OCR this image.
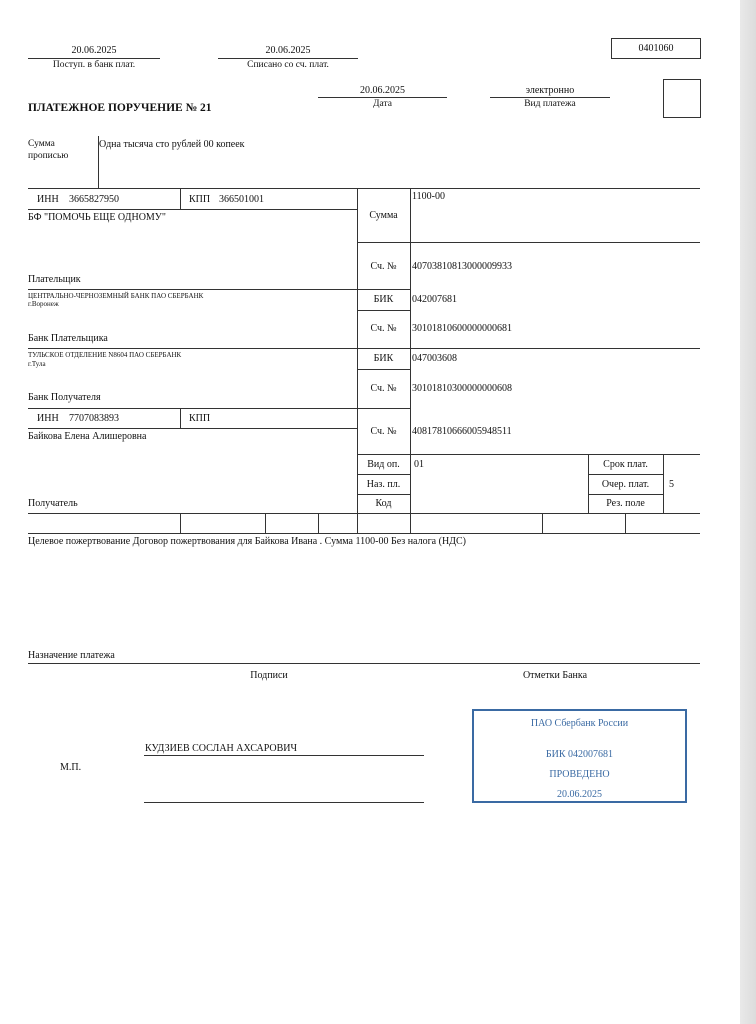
20.06.2025
Поступ. в банк плат.
20.06.2025
Списано со сч. плат.
0401060
20.06.2025
Дата
электронно
Вид платежа
ПЛАТЕЖНОЕ ПОРУЧЕНИЕ № 21
Сумма
прописью
Одна тысяча сто рублей 00 копеек
ИНН 3665827950	КПП 366501001
БФ "ПОМОЧЬ ЕЩЕ ОДНОМУ"
Плательщик
Сумма
1100-00
Сч. №	40703810813000009933
ЦЕНТРАЛЬНО-ЧЕРНОЗЕМНЫЙ БАНК ПАО СБЕРБАНК
г.Воронеж
Банк Плательщика
БИК	042007681
Сч. №	30101810600000000681
ТУЛЬСКОЕ ОТДЕЛЕНИЕ N8604 ПАО СБЕРБАНК
г.Тула
Банк Получателя
БИК	047003608
Сч. №	30101810300000000608
ИНН 7707083893	КПП
Байкова Елена Алишеровна
Получатель
Сч. №	40817810666005948511
Вид оп.	01
Наз. пл.
Код
Срок плат.
Очер. плат.	5
Рез. поле
Целевое пожертвование Договор пожертвования для Байкова Ивана . Сумма 1100-00 Без налога (НДС)
Назначение платежа
Подписи	Отметки Банка
КУДЗИЕВ СОСЛАН АХСАРОВИЧ
М.П.
ПАО Сбербанк России
БИК 042007681
ПРОВЕДЕНО
20.06.2025
